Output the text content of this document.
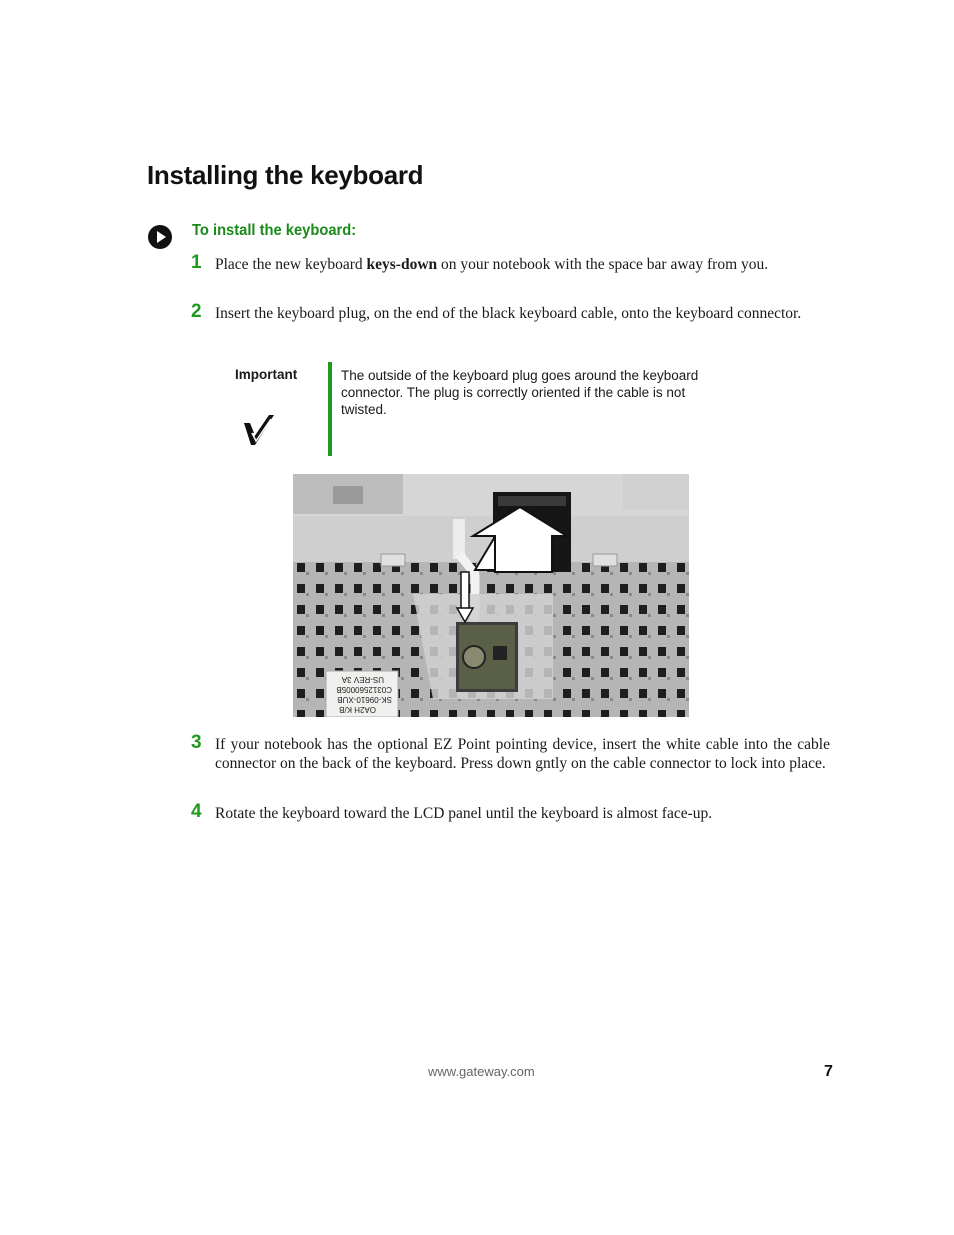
Installing the keyboard
To install the keyboard:
1 Place the new keyboard keys-down on your notebook with the space bar away from you.
2 Insert the keyboard plug, on the end of the black keyboard cable, onto the keyboard connector.
Important	The outside of the keyboard plug goes around the keyboard connector. The plug is correctly oriented if the cable is not twisted.
OA2H K/B
SK-09610-XUB
C0312560005B
US-REV 3A
3 If your notebook has the optional EZ Point pointing device, insert the white cable into the cable connector on the back of the keyboard. Press down gntly on the cable connector to lock into place.
4 Rotate the keyboard toward the LCD panel until the keyboard is almost face-up.
www.gateway.com	7
